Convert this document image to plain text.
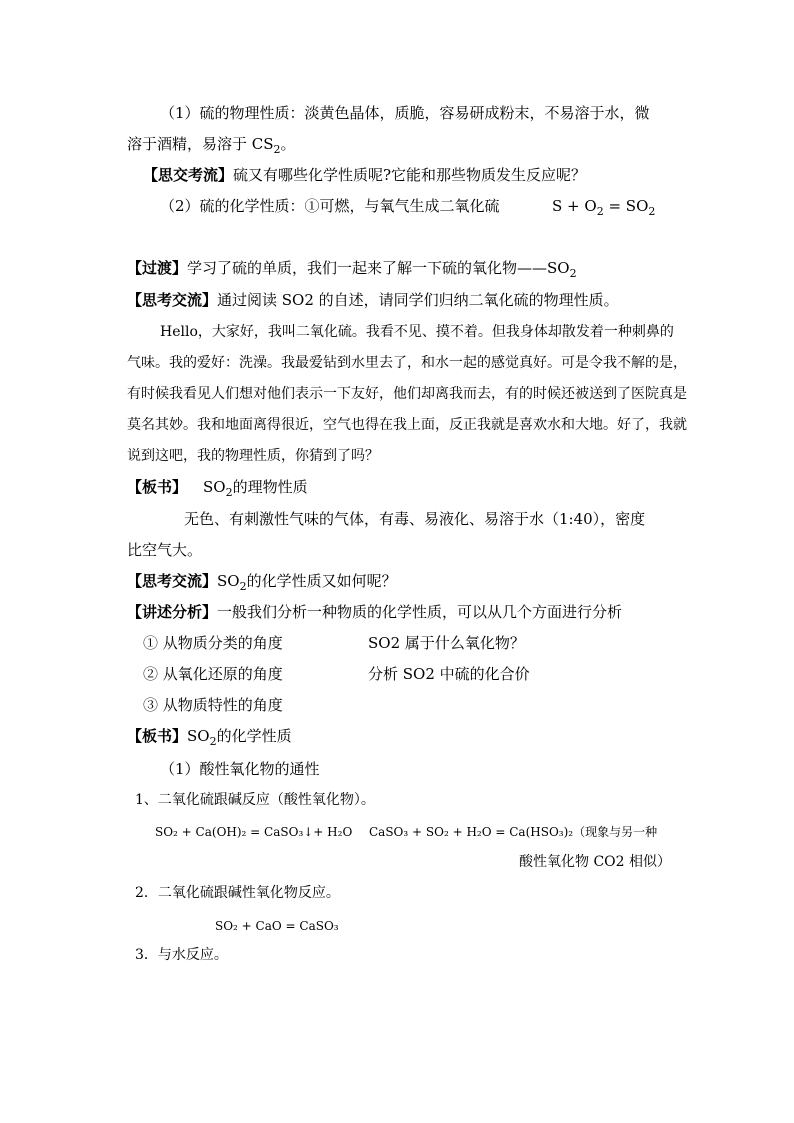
（1）硫的物理性质：淡黄色晶体，质脆，容易研成粉末，不易溶于水，微
溶于酒精，易溶于 $CS_2$。
【思交考流】硫又有哪些化学性质呢?它能和那些物质发生反应呢？
（2）硫的化学性质：①可燃，与氧气生成二氧化硫	$S + O_2 = SO_2$
【过渡】学习了硫的单质，我们一起来了解一下硫的氧化物$——SO_2$
【思考交流】通过阅读 SO2 的自述，请同学们归纳二氧化硫的物理性质。
Hello，大家好，我叫二氧化硫。我看不见、摸不着。但我身体却散发着一种刺鼻的
气味。我的爱好：洗澡。我最爱钻到水里去了，和水一起的感觉真好。可是令我不解的是，
有时候我看见人们想对他们表示一下友好，他们却离我而去，有的时候还被送到了医院真是
莫名其妙。我和地面离得很近，空气也得在我上面，反正我就是喜欢水和大地。好了，我就
说到这吧，我的物理性质，你猜到了吗？
【板书】 $SO_2$的理物性质
无色、有刺激性气味的气体，有毒、易液化、易溶于水（1:40），密度
比空气大。
【思考交流】$SO_2$的化学性质又如何呢？
【讲述分析】一般我们分析一种物质的化学性质，可以从几个方面进行分析
① 从物质分类的角度	SO2 属于什么氧化物？
② 从氧化还原的角度	分析 SO2 中硫的化合价
③ 从物质特性的角度
【板书】$SO_2$的化学性质
（1）酸性氧化物的通性
1、二氧化硫跟碱反应（酸性氧化物）。
SO₂ + Ca(OH)₂ = CaSO₃↓+ H₂O CaSO₃ + SO₂ + H₂O = Ca(HSO₃)₂（现象与另一种
酸性氧化物 CO2 相似）
2．二氧化硫跟碱性氧化物反应。
SO₂ + CaO = CaSO₃
3．与水反应。
